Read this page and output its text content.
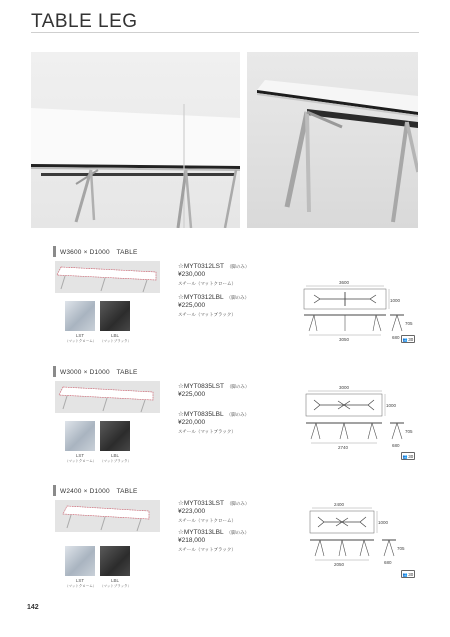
TABLE LEG
W3600 × D1000　TABLE
LST
（マットクローム）
LBL
（マットブラック）
☆MYT0312LST （脚のみ）
¥230,000
スチール（マットクローム）
☆MYT0312LBL （脚のみ）
¥225,000
スチール（マットブラック）
3600
1000
3050
705
680 👥 30
W3000 × D1000　TABLE
LST
（マットクローム）
LBL
（マットブラック）
☆MYT0835LST （脚のみ）
¥225,000
☆MYT0835LBL （脚のみ）
¥220,000
スチール（マットブラック）
3000
1000
2740
705
680
👥 30
W2400 × D1000　TABLE
LST
（マットクローム）
LBL
（マットブラック）
☆MYT0313LST （脚のみ）
¥223,000
スチール（マットクローム）
☆MYT0313LBL （脚のみ）
¥218,000
スチール（マットブラック）
2400
1000
2050
705
680
👥 30
142
